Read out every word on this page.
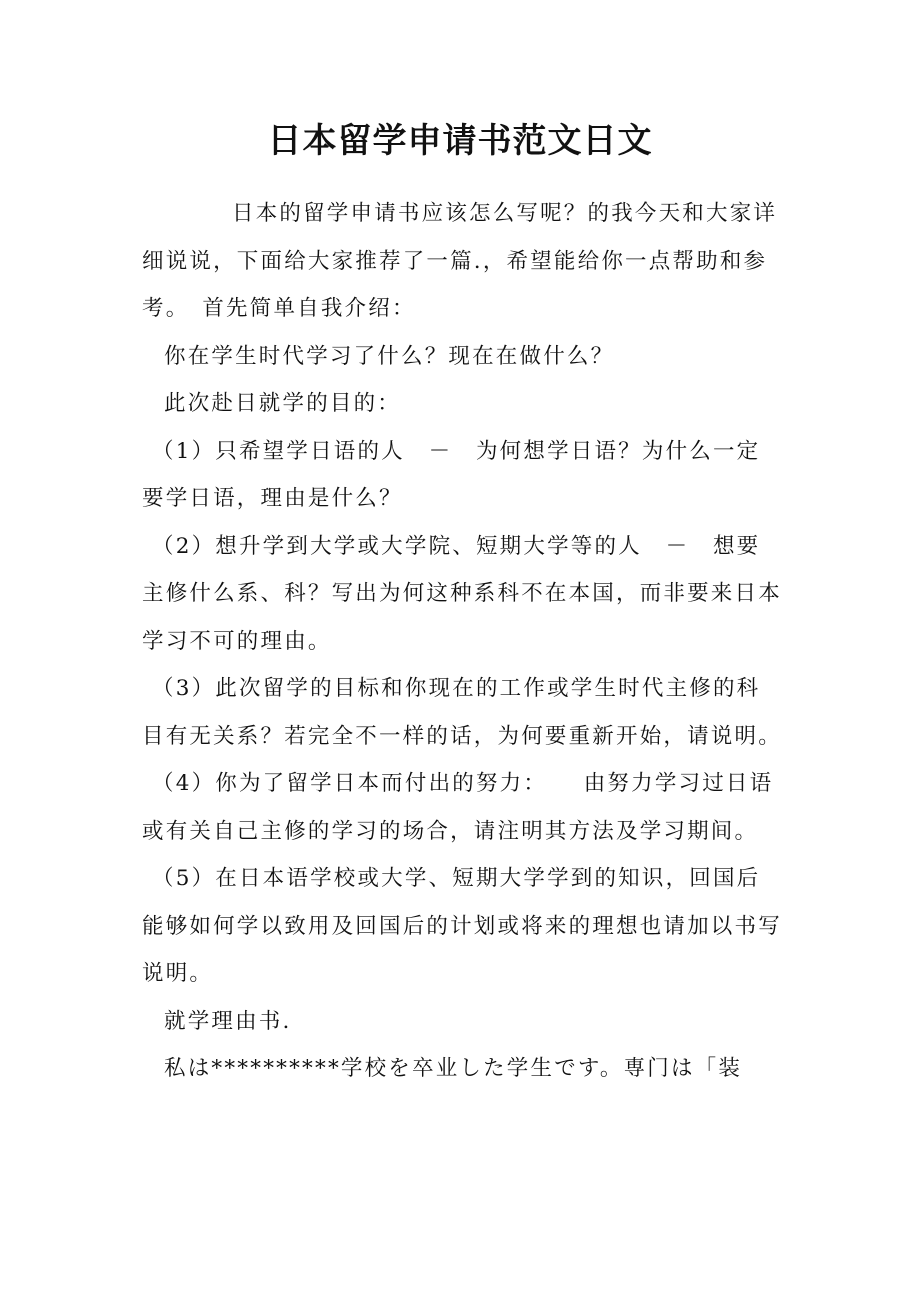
日本留学申请书范文日文

日本的留学申请书应该怎么写呢？的我今天和大家详细说说，下面给大家推荐了一篇.，希望能给你一点帮助和参考。　首先简单自我介绍：

你在学生时代学习了什么？现在在做什么？

此次赴日就学的目的：

（1）只希望学日语的人　－　为何想学日语？为什么一定要学日语，理由是什么？

（2）想升学到大学或大学院、短期大学等的人　－　想要主修什么系、科？写出为何这种系科不在本国，而非要来日本学习不可的理由。

（3）此次留学的目标和你现在的工作或学生时代主修的科目有无关系？若完全不一样的话，为何要重新开始，请说明。

（4）你为了留学日本而付出的努力：　　由努力学习过日语或有关自己主修的学习的场合，请注明其方法及学习期间。

（5）在日本语学校或大学、短期大学学到的知识，回国后能够如何学以致用及回国后的计划或将来的理想也请加以书写说明。

就学理由书.

私は**********学校を卒业した学生です。専门は「装
